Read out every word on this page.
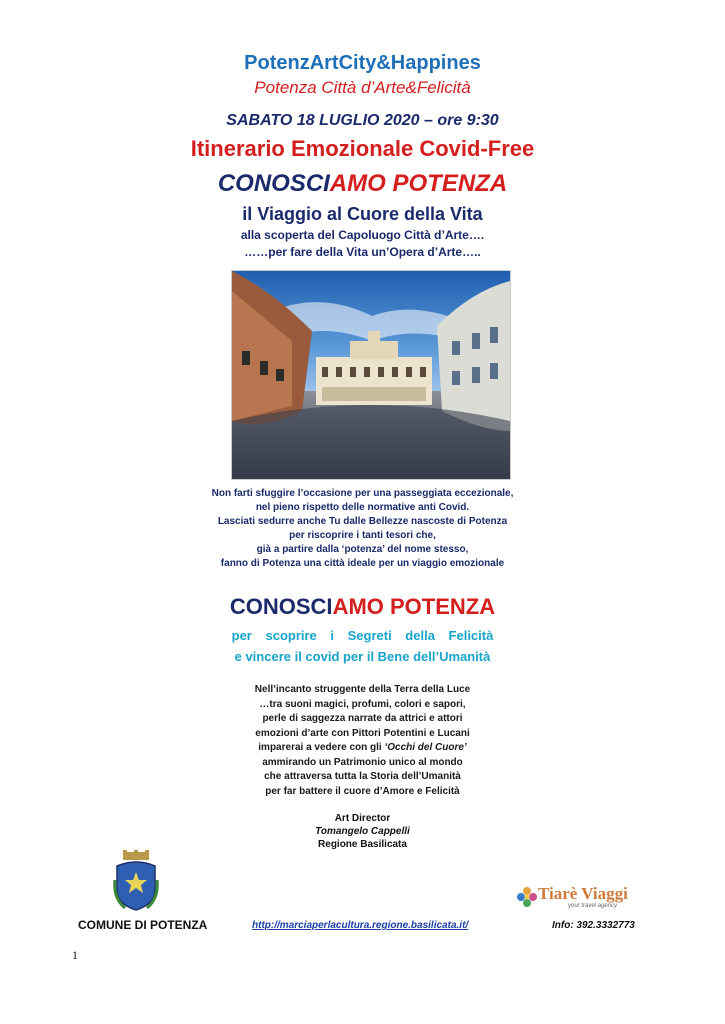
PotenzArtCity&Happines
Potenza Città d’Arte&Felicità
SABATO 18 LUGLIO 2020 – ore 9:30
Itinerario Emozionale Covid-Free
CONOSCIAMO POTENZA
il Viaggio al Cuore della Vita
alla scoperta del Capoluogo Città d’Arte….
……per fare della Vita un’Opera d’Arte…..
Non farti sfuggire l’occasione per una passeggiata eccezionale,
nel pieno rispetto delle normative anti Covid.
Lasciati sedurre anche Tu dalle Bellezze nascoste di Potenza
per riscoprire i tanti tesori che,
già a partire dalla ‘potenza’ del nome stesso,
fanno di Potenza una città ideale per un viaggio emozionale
CONOSCIAMO POTENZA
per scoprire i Segreti della Felicità
e vincere il covid per il Bene dell’Umanità
Nell’incanto struggente della Terra della Luce
…tra suoni magici, profumi, colori e sapori,
perle di saggezza narrate da attrici e attori
emozioni d’arte con Pittori Potentini e Lucani
imparerai a vedere con gli ‘Occhi del Cuore’
ammirando un Patrimonio unico al mondo
che attraversa tutta la Storia dell’Umanità
per far battere il cuore d’Amore e Felicità
Art Director
Tomangelo Cappelli
Regione Basilicata
COMUNE DI POTENZA	http://marciaperlacultura.regione.basilicata.it/
Tiarè Viaggi
your travel agency
Info: 392.3332773
1
